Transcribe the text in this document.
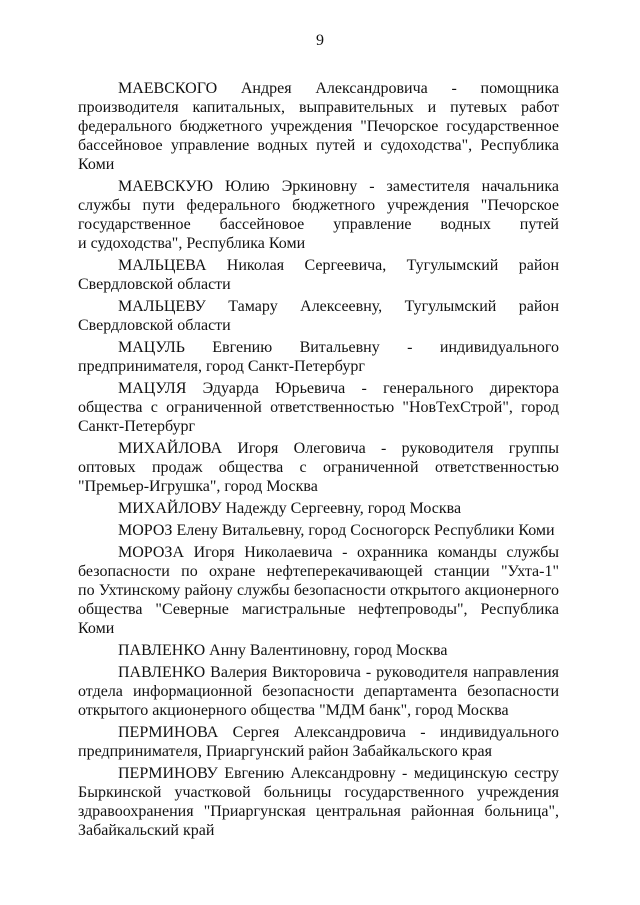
9
МАЕВСКОГО Андрея Александровича - помощника
производителя капитальных, выправительных и путевых работ
федерального бюджетного учреждения "Печорское государственное
бассейновое управление водных путей и судоходства", Республика
Коми
МАЕВСКУЮ Юлию Эркиновну - заместителя начальника
службы пути федерального бюджетного учреждения "Печорское
государственное бассейновое управление водных путей
и судоходства", Республика Коми
МАЛЬЦЕВА Николая Сергеевича, Тугулымский район
Свердловской области
МАЛЬЦЕВУ Тамару Алексеевну, Тугулымский район
Свердловской области
МАЦУЛЬ Евгению Витальевну - индивидуального
предпринимателя, город Санкт-Петербург
МАЦУЛЯ Эдуарда Юрьевича - генерального директора
общества с ограниченной ответственностью "НовТехСтрой", город
Санкт-Петербург
МИХАЙЛОВА Игоря Олеговича - руководителя группы
оптовых продаж общества с ограниченной ответственностью
"Премьер-Игрушка", город Москва
МИХАЙЛОВУ Надежду Сергеевну, город Москва
МОРОЗ Елену Витальевну, город Сосногорск Республики Коми
МОРОЗА Игоря Николаевича - охранника команды службы
безопасности по охране нефтеперекачивающей станции "Ухта-1"
по Ухтинскому району службы безопасности открытого акционерного
общества "Северные магистральные нефтепроводы", Республика
Коми
ПАВЛЕНКО Анну Валентиновну, город Москва
ПАВЛЕНКО Валерия Викторовича - руководителя направления
отдела информационной безопасности департамента безопасности
открытого акционерного общества "МДМ банк", город Москва
ПЕРМИНОВА Сергея Александровича - индивидуального
предпринимателя, Приаргунский район Забайкальского края
ПЕРМИНОВУ Евгению Александровну - медицинскую сестру
Быркинской участковой больницы государственного учреждения
здравоохранения "Приаргунская центральная районная больница",
Забайкальский край
